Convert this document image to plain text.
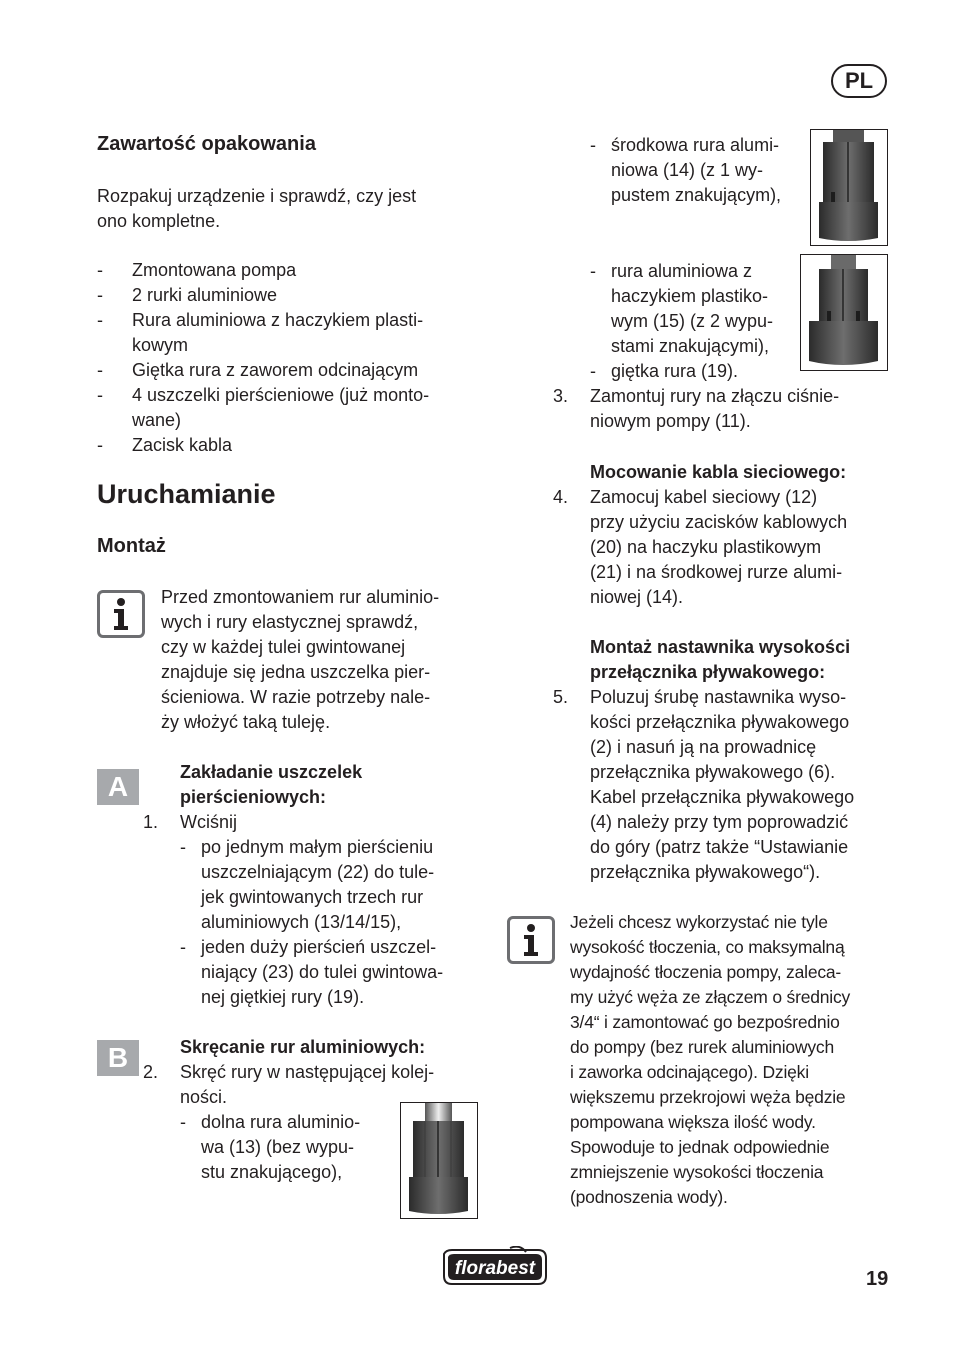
PL
Zawartość opakowania
Rozpakuj urządzenie i sprawdź, czy jest
ono kompletne.
- Zmontowana pompa
- 2 rurki aluminiowe
- Rura aluminiowa z haczykiem plasti-
kowym
- Giętka rura z zaworem odcinającym
- 4 uszczelki pierścieniowe (już monto-
wane)
- Zacisk kabla
Uruchamianie
Montaż
Przed zmontowaniem rur aluminio-
wych i rury elastycznej sprawdź,
czy w każdej tulei gwintowanej
znajduje się jedna uszczelka pier-
ścieniowa. W razie potrzeby nale-
ży włożyć taką tuleję.
A	Zakładanie uszczelek
pierścieniowych:
1. Wciśnij
- po jednym małym pierścieniu
uszczelniającym (22) do tule-
jek gwintowanych trzech rur
aluminiowych (13/14/15),
- jeden duży pierścień uszczel-
niający (23) do tulei gwintowa-
nej giętkiej rury (19).
B	Skręcanie rur aluminiowych:
2. Skręć rury w następującej kolej-
ności.
- dolna rura aluminio-
wa (13) (bez wypu-
stu znakującego),
- środkowa rura alumi-
niowa (14) (z 1 wy-
pustem znakującym),
- rura aluminiowa z
haczykiem plastiko-
wym (15) (z 2 wypu-
stami znakującymi),
- giętka rura (19).
3. Zamontuj rury na złączu ciśnie-
niowym pompy (11).
Mocowanie kabla sieciowego:
4. Zamocuj kabel sieciowy (12)
przy użyciu zacisków kablowych
(20) na haczyku plastikowym
(21) i na środkowej rurze alumi-
niowej (14).
Montaż nastawnika wysokości
przełącznika pływakowego:
5. Poluzuj śrubę nastawnika wyso-
kości przełącznika pływakowego
(2) i nasuń ją na prowadnicę
przełącznika pływakowego (6).
Kabel przełącznika pływakowego
(4) należy przy tym poprowadzić
do góry (patrz także “Ustawianie
przełącznika pływakowego“).
Jeżeli chcesz wykorzystać nie tyle
wysokość tłoczenia, co maksymalną
wydajność tłoczenia pompy, zaleca-
my użyć węża ze złączem o średnicy
3/4“ i zamontować go bezpośrednio
do pompy (bez rurek aluminiowych
i zaworka odcinającego). Dzięki
większemu przekrojowi węża będzie
pompowana większa ilość wody.
Spowoduje to jednak odpowiednie
zmniejszenie wysokości tłoczenia
(podnoszenia wody).
florabest	19
